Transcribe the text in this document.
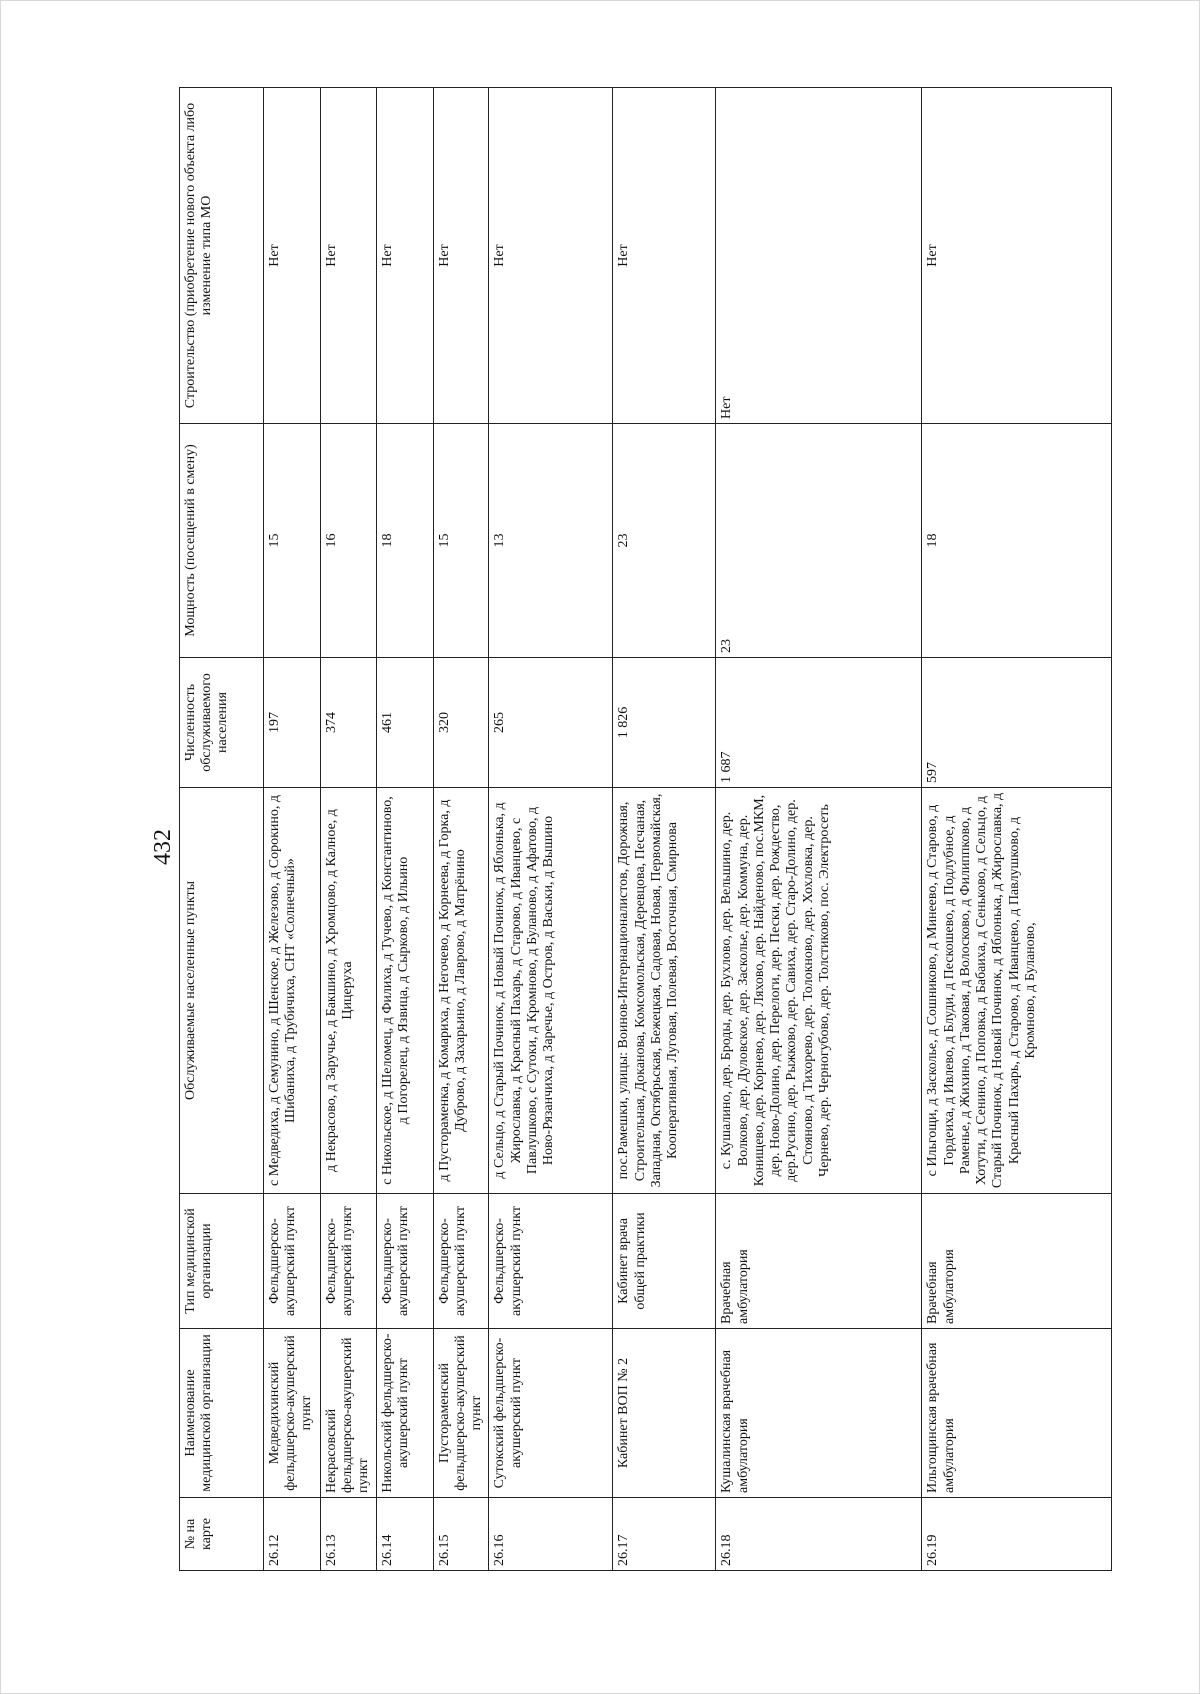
432
№ на карте	Наименование медицинской организации	Тип медицинской организации	Обслуживаемые населенные пункты	Численность обслуживаемого населения	Мощность (посещений в смену)	Строительство (приобретение нового объекта либо изменение типа МО
26.12	Медведихинский фельдшерско-акушерский пункт	Фельдшерско-акушерский пункт	с Медведиха, д Семунино, д Шенское, д Железово, д Сорокино, д Шибаниха, д Трубичиха, СНТ «Солнечный»	197	15	Нет
26.13	Некрасовский фельдшерско-акушерский пункт	Фельдшерско-акушерский пункт	д Некрасово, д Заручье, д Бакшино, д Хромцово, д Калное, д Цицеруха	374	16	Нет
26.14	Никольский фельдшерско-акушерский пункт	Фельдшерско-акушерский пункт	с Никольское, д Шеломец, д Филиха, д Тучево, д Константиново, д Погорелец, д Язвица, д Сырково, д Ильино	461	18	Нет
26.15	Пустораменский фельдшерско-акушерский пункт	Фельдшерско-акушерский пункт	д Пустораменка, д Комариха, д Негочево, д Корнеева, д Горка, д Дуброво, д Захарьино, д Лаврово, д Матрёнино	320	15	Нет
26.16	Сутокский фельдшерско-акушерский пункт	Фельдшерско-акушерский пункт	д Сельцо, д Старый Починок, д Новый Починок, д Яблонька, д Жирославка, д Красный Пахарь, д Старово, д Иванцево, с Павлушково, с Сутоки, д Кромново, д Буланово, д Афатово, д Ново-Рязанчиха, д Заречье, д Остров, д Васьки, д Вышино	265	13	Нет
26.17	Кабинет ВОП № 2	Кабинет врача общей практики	пос.Рамешки, улицы: Воинов-Интернационалистов, Дорожная, Строительная, Доканова, Комсомольская, Деревцова, Песчаная, Западная, Октябрьская, Бежецкая, Садовая, Новая, Первомайская, Кооперативная, Луговая, Полевая, Восточная, Смирнова	1 826	23	Нет
26.18	Кушалинская врачебная амбулатория	Врачебная амбулатория	с. Кушалино, дер. Броды, дер. Бухлово, дер. Вельшино, дер. Волково, дер. Дуловское, дер. Заскол​ье, дер. Коммуна, дер. Конищево, дер. Корнево, дер. Ляхово, дер. Найденово, пос.МКМ, дер. Ново-Долино, дер. Перелоги, дер. Пески, дер. Рождество, дер.Русино, дер. Рыжково, дер. Савиха, дер. Старо-Долино, дер. Стояново, д Тихорево, дер. Толокново, дер. Хохловка, дер. Чернево, дер. Черногубово, дер. Толстиково, пос. Электросеть	1 687	23	Нет
26.19	Ильгощинская врачебная амбулатория	Врачебная амбулатория	с Ильгощи, д Засколье, д Сошниково, д Минеево, д Старово, д Гордеиха, д Ивлево, д Блуди, д Пескошево, д Подлубное, д Раменье, д Жихино, д Таковая, д Волосково, д Филиппково, д Хотути, д Сенино, д Поповка, д Бабаиха, д Сеньково, д Сельцо, д Старый Починок, д Новый Починок, д Яблонька, д Жирославка, д Красный Пахарь, д Старово, д Иванцево, д Павлушково, д Кромново, д Буланово,	597	18	Нет
